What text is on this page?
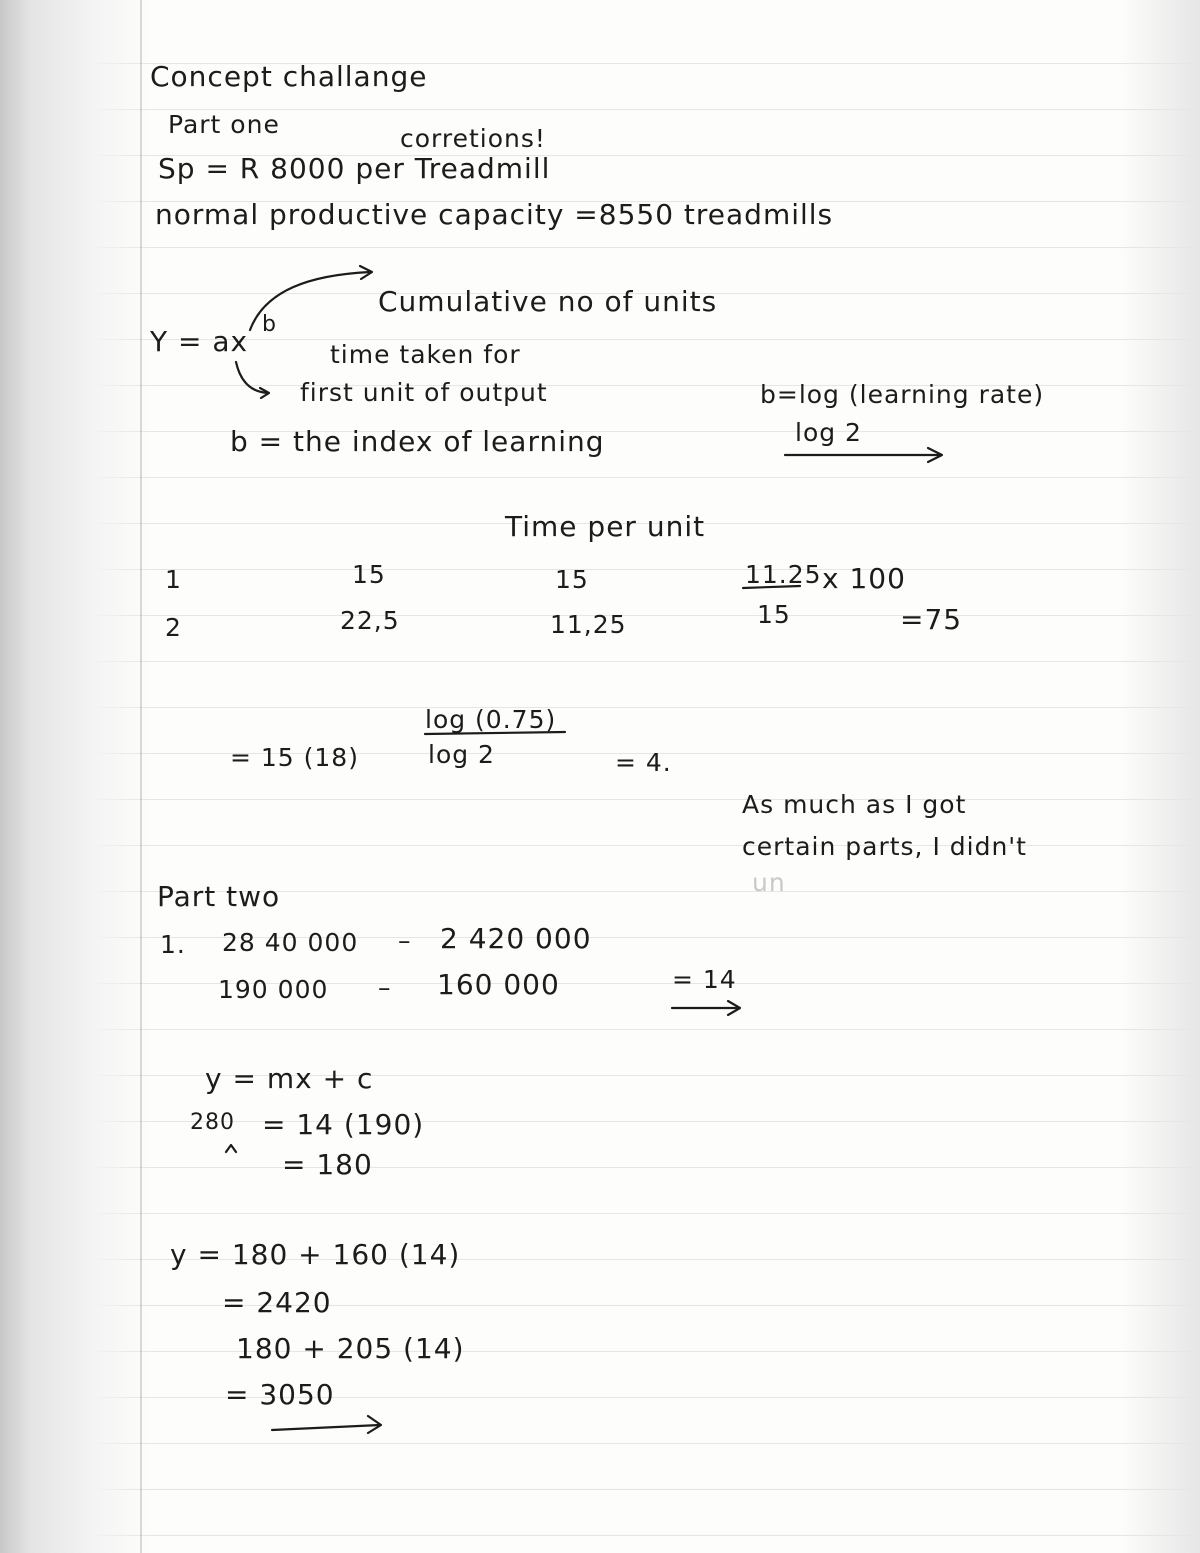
Concept challange
Part one	corretions!
Sp = R 8000 per Treadmill
normal productive capacity =8550 treadmills
Cumulative no of units
Y = ax
b
time taken for
first unit of output	b=log (learning rate)
log 2
b = the index of learning
Time per unit
1	15	15
2	22,5	11,25
11.25 x 100
15	=75
log (0.75)
= 15 (18)	log 2	= 4.
As much as I got
certain parts, I didn't
un
Part two
1. 28 40 000 – 2 420 000
190 000 – 160 000	= 14
y = mx + c
280 = 14 (190)
= 180
y = 180 + 160 (14)
= 2420
180 + 205 (14)
= 3050
